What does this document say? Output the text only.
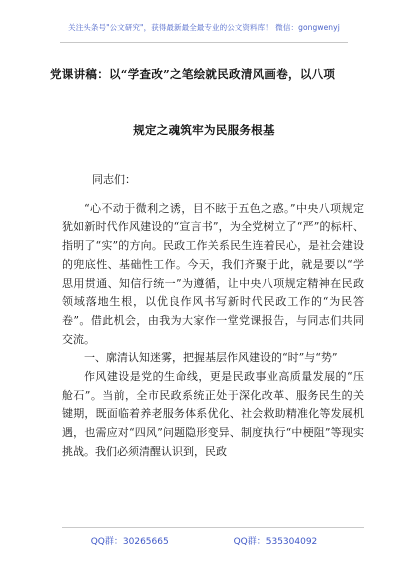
关注头条号"公文研究"，获得最新最全最专业的公文资料库！ 微信：gongwenyj
党课讲稿：以“学查改”之笔绘就民政清风画卷，以八项
规定之魂筑牢为民服务根基

同志们：

“心不动于微利之诱，目不眩于五色之惑。”中央八项规定犹如新时代作风建设的“宣言书”，为全党树立了“严”的标杆、指明了“实”的方向。民政工作关系民生连着民心，是社会建设的兜底性、基础性工作。今天，我们齐聚于此，就是要以“学思用贯通、知信行统一”为遵循，让中央八项规定精神在民政领域落地生根，以优良作风书写新时代民政工作的“为民答卷”。借此机会，由我为大家作一堂党课报告，与同志们共同交流。

一、廓清认知迷雾，把握基层作风建设的“时”与“势”

作风建设是党的生命线，更是民政事业高质量发展的“压舱石”。当前，全市民政系统正处于深化改革、服务民生的关键期，既面临着养老服务体系优化、社会救助精准化等发展机遇，也需应对“四风”问题隐形变异、制度执行“中梗阻”等现实挑战。我们必须清醒认识到，民政

QQ群：30265665	QQ群：535304092
